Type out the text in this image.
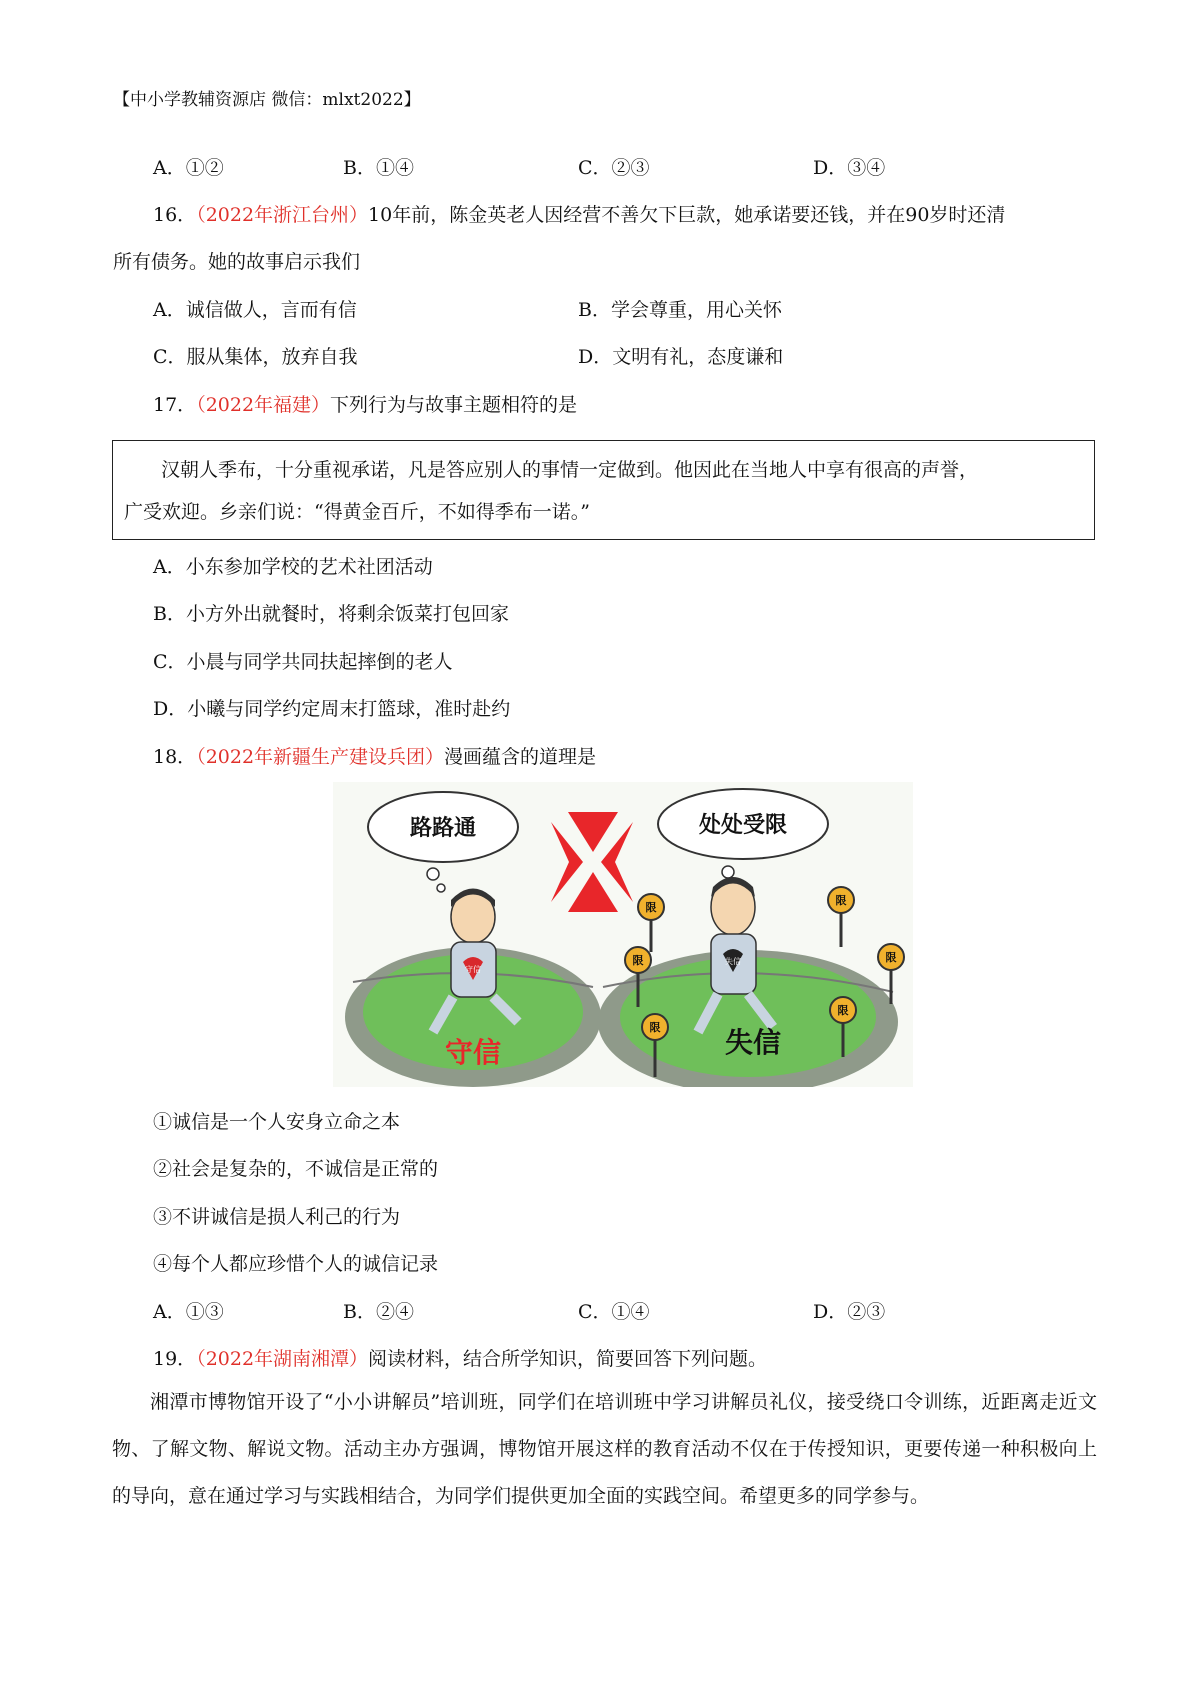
【中小学教辅资源店 微信：mlxt2022】
A．①②	B．①④	C．②③	D．③④
16．（2022年浙江台州）10年前，陈金英老人因经营不善欠下巨款，她承诺要还钱，并在90岁时还清
所有债务。她的故事启示我们
A．诚信做人，言而有信	B．学会尊重，用心关怀
C．服从集体，放弃自我	D．文明有礼，态度谦和
17．（2022年福建）下列行为与故事主题相符的是

汉朝人季布，十分重视承诺，凡是答应别人的事情一定做到。他因此在当地人中享有很高的声誉，

广受欢迎。乡亲们说：“得黄金百斤，不如得季布一诺。”

A．小东参加学校的艺术社团活动
B．小方外出就餐时，将剩余饭菜打包回家
C．小晨与同学共同扶起摔倒的老人
D．小曦与同学约定周末打篮球，准时赴约
18．（2022年新疆生产建设兵团）漫画蕴含的道理是
路路通	处处受限
守信
失信
限
限
限
限
限
限
守信	失信
①诚信是一个人安身立命之本
②社会是复杂的，不诚信是正常的
③不讲诚信是损人利己的行为
④每个人都应珍惜个人的诚信记录
A．①③	B．②④	C．①④	D．②③
19．（2022年湖南湘潭）阅读材料，结合所学知识，简要回答下列问题。
湘潭市博物馆开设了“小小讲解员”培训班，同学们在培训班中学习讲解员礼仪，接受绕口令训练，近距离走近文物、了解文物、解说文物。活动主办方强调，博物馆开展这样的教育活动不仅在于传授知识，更要传递一种积极向上的导向，意在通过学习与实践相结合，为同学们提供更加全面的实践空间。希望更多的同学参与。
